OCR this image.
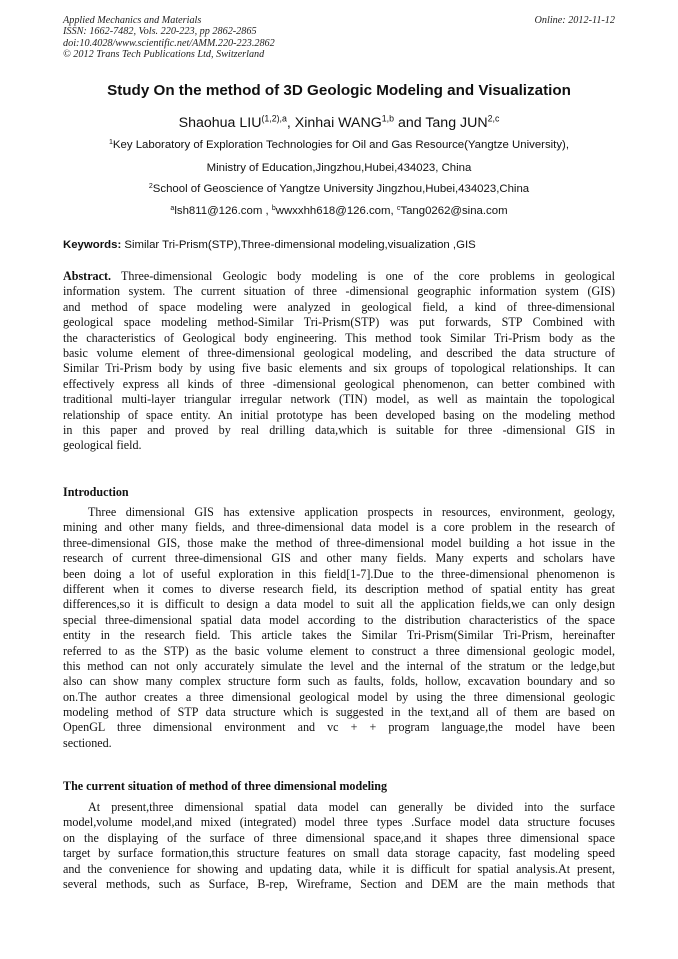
Applied Mechanics and Materials
ISSN: 1662-7482, Vols. 220-223, pp 2862-2865
doi:10.4028/www.scientific.net/AMM.220-223.2862
© 2012 Trans Tech Publications Ltd, Switzerland
Online: 2012-11-12
Study On the method of 3D Geologic Modeling and Visualization
Shaohua $LIU^{(1,2),a}$, Xinhai WANG$^{1,b}$ and Tang JUN$^{2,c}$
$^1$Key Laboratory of Exploration Technologies for Oil and Gas Resource(Yangtze University),
Ministry of Education,Jingzhou,Hubei,434023, China
$^2$School of Geoscience of Yangtze University Jingzhou,Hubei,434023,China
$^a$lsh811@126.com , $^b$wwxxhh618@126.com, $^c$Tang0262@sina.com
Keywords: Similar Tri-Prism(STP),Three-dimensional modeling,visualization ,GIS
Abstract. Three-dimensional Geologic body modeling is one of the core problems in geological
information system. The current situation of three -dimensional geographic information system (GIS)
and method of space modeling were analyzed in geological field, a kind of three-dimensional
geological space modeling method-Similar Tri-Prism(STP) was put forwards, STP Combined with
the characteristics of Geological body engineering. This method took Similar Tri-Prism body as the
basic volume element of three-dimensional geological modeling, and described the data structure of
Similar Tri-Prism body by using five basic elements and six groups of topological relationships. It can
effectively express all kinds of three -dimensional geological phenomenon, can better combined with
traditional multi-layer triangular irregular network (TIN) model, as well as maintain the topological
relationship of space entity. An initial prototype has been developed basing on the modeling method
in this paper and proved by real drilling data,which is suitable for three -dimensional GIS in
geological field.
Introduction
Three dimensional GIS has extensive application prospects in resources, environment, geology,
mining and other many fields, and three-dimensional data model is a core problem in the research of
three-dimensional GIS, those make the method of three-dimensional model building a hot issue in the
research of current three-dimensional GIS and other many fields. Many experts and scholars have
been doing a lot of useful exploration in this field[1-7].Due to the three-dimensional phenomenon is
different when it comes to diverse research field, its description method of spatial entity has great
differences,so it is difficult to design a data model to suit all the application fields,we can only design
special three-dimensional spatial data model according to the distribution characteristics of the space
entity in the research field. This article takes the Similar Tri-Prism(Similar Tri-Prism, hereinafter
referred to as the STP) as the basic volume element to construct a three dimensional geologic model,
this method can not only accurately simulate the level and the internal of the stratum or the ledge,but
also can show many complex structure form such as faults, folds, hollow, excavation boundary and so
on.The author creates a three dimensional geological model by using the three dimensional geologic
modeling method of STP data structure which is suggested in the text,and all of them are based on
OpenGL three dimensional environment and vc + + program language,the model have been
sectioned.
The current situation of method of three dimensional modeling
At present,three dimensional spatial data model can generally be divided into the surface
model,volume model,and mixed (integrated) model three types .Surface model data structure focuses
on the displaying of the surface of three dimensional space,and it shapes three dimensional space
target by surface formation,this structure features on small data storage capacity, fast modeling speed
and the convenience for showing and updating data, while it is difficult for spatial analysis.At present,
several methods, such as Surface, B-rep, Wireframe, Section and DEM are the main methods that
